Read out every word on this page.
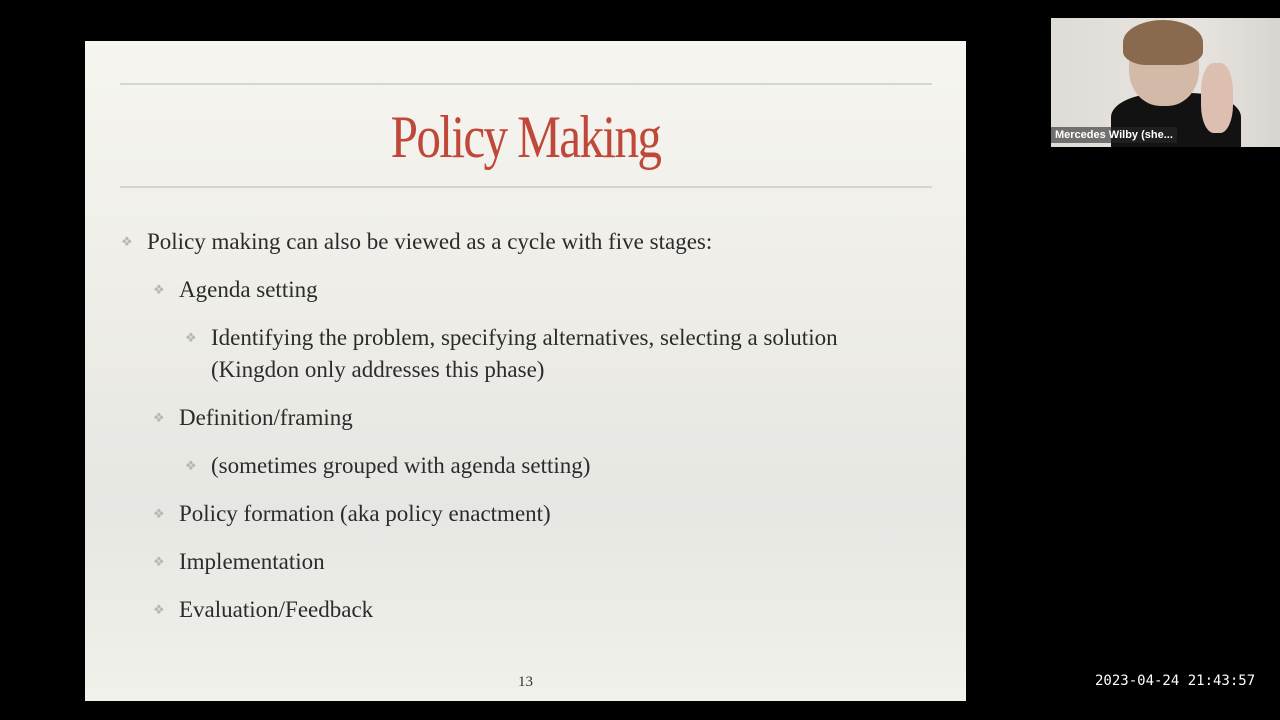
Policy Making
❖ Policy making can also be viewed as a cycle with five stages:
❖ Agenda setting
❖ Identifying the problem, specifying alternatives, selecting a solution (Kingdon only addresses this phase)
❖ Definition/framing
❖ (sometimes grouped with agenda setting)
❖ Policy formation (aka policy enactment)
❖ Implementation
❖ Evaluation/Feedback
13
Mercedes Wilby (she...
2023-04-24 21:43:57
